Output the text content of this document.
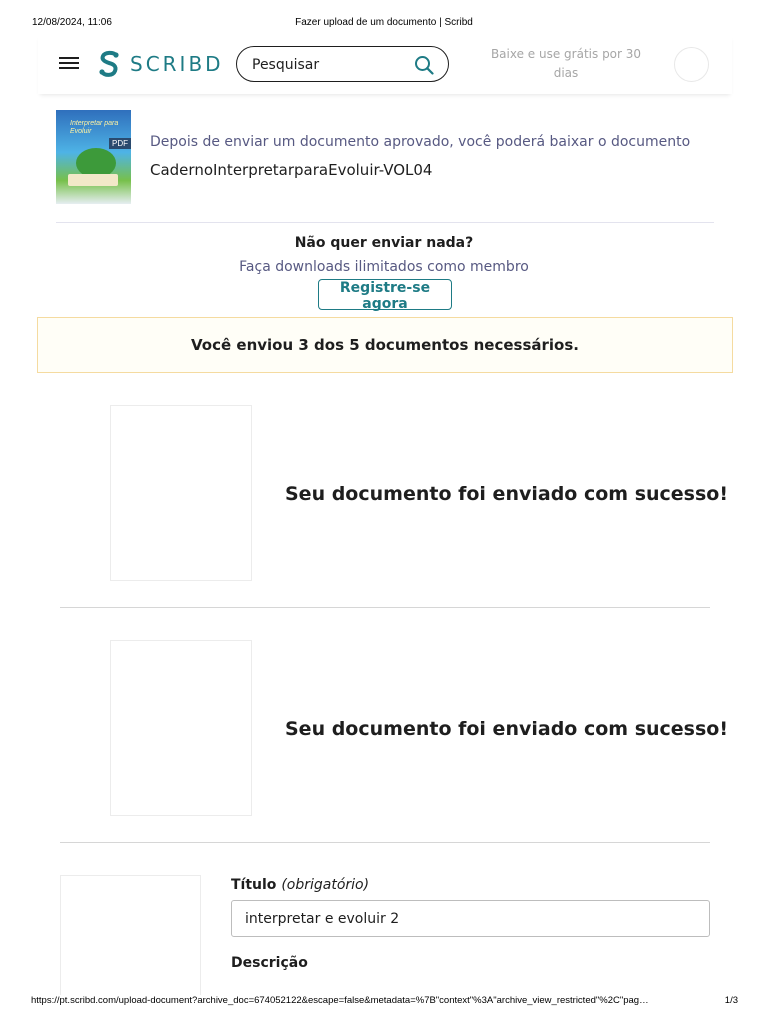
12/08/2024, 11:06	Fazer upload de um documento | Scribd
SCRIBD
Pesquisar	Baixe e use grátis por 30 dias
Interpretar para Evoluir
PDF Depois de enviar um documento aprovado, você poderá baixar o documento
CadernoInterpretarparaEvoluir-VOL04
Não quer enviar nada?
Faça downloads ilimitados como membro
Registre-se agora
Você enviou 3 dos 5 documentos necessários.
Seu documento foi enviado com sucesso!
Seu documento foi enviado com sucesso!
Título (obrigatório)
interpretar e evoluir 2
Descrição
https://pt.scribd.com/upload-document?archive_doc=674052122&escape=false&metadata=%7B"context"%3A"archive_view_restricted"%2C"pag…	1/3
